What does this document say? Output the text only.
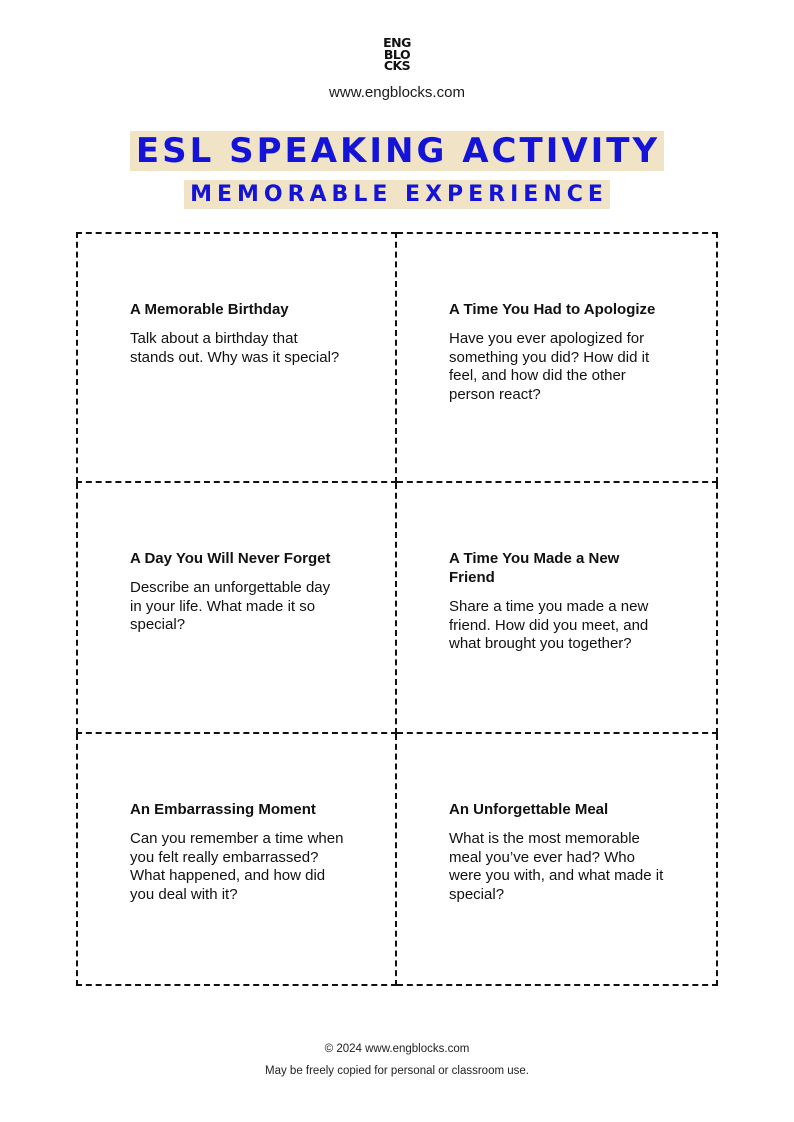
ENG
BLO
CKS
www.engblocks.com
ESL SPEAKING ACTIVITY
MEMORABLE EXPERIENCE

A Memorable Birthday

Talk about a birthday that stands out. Why was it special?

A Time You Had to Apologize

Have you ever apologized for something you did? How did it feel, and how did the other person react?

A Day You Will Never Forget

Describe an unforgettable day in your life. What made it so special?

A Time You Made a New Friend

Share a time you made a new friend. How did you meet, and what brought you together?

An Embarrassing Moment

Can you remember a time when you felt really embarrassed? What happened, and how did you deal with it?

An Unforgettable Meal

What is the most memorable meal you’ve ever had? Who were you with, and what made it special?

© 2024 www.engblocks.com
May be freely copied for personal or classroom use.
